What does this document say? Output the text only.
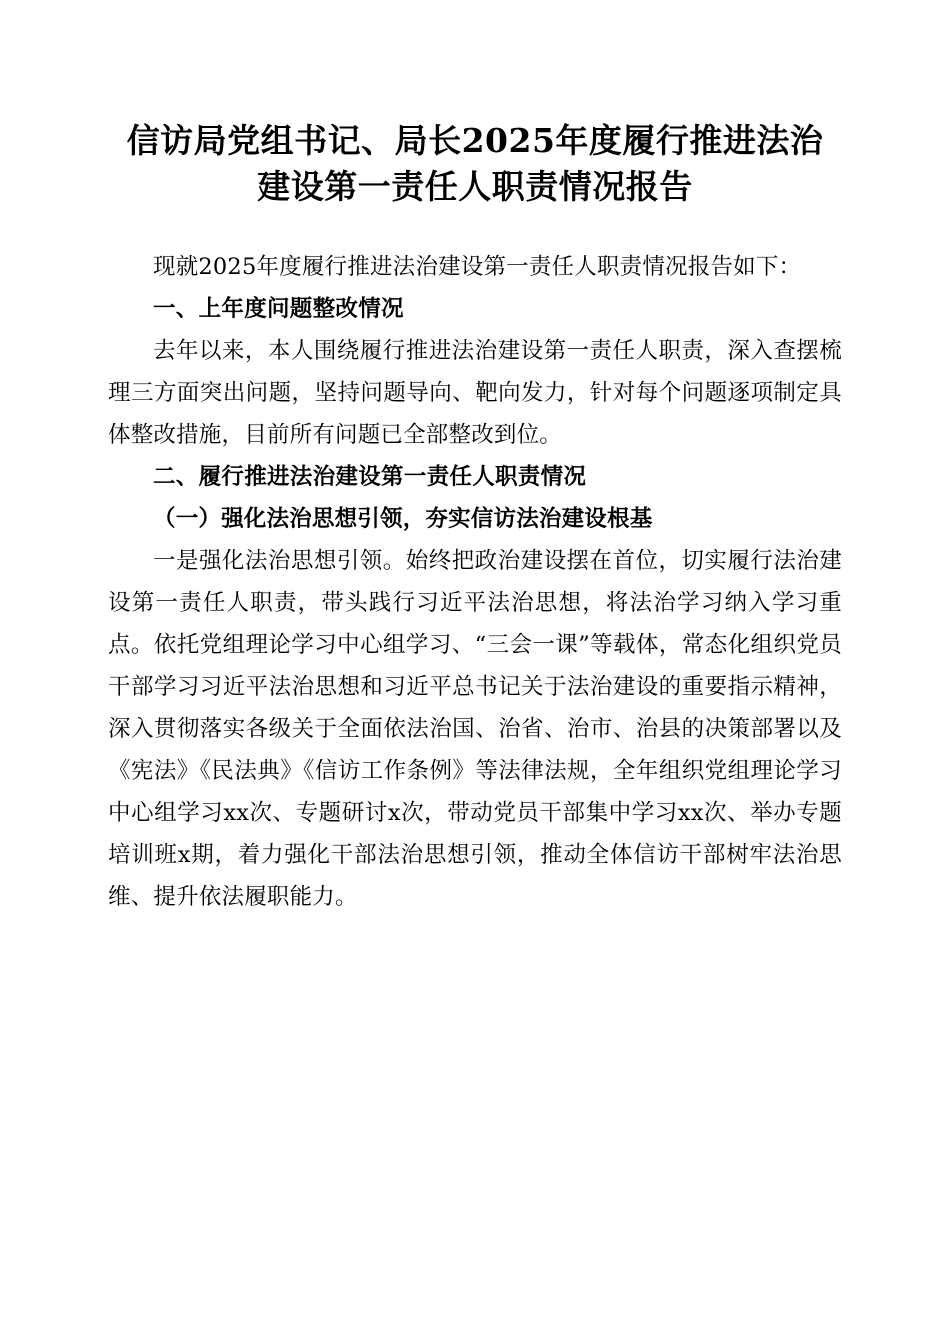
信访局党组书记、局长2025年度履行推进法治建设第一责任人职责情况报告

现就2025年度履行推进法治建设第一责任人职责情况报告如下：

一、上年度问题整改情况

去年以来，本人围绕履行推进法治建设第一责任人职责，深入查摆梳理三方面突出问题，坚持问题导向、靶向发力，针对每个问题逐项制定具体整改措施，目前所有问题已全部整改到位。

二、履行推进法治建设第一责任人职责情况

（一）强化法治思想引领，夯实信访法治建设根基

一是强化法治思想引领。始终把政治建设摆在首位，切实履行法治建设第一责任人职责，带头践行习近平法治思想，将法治学习纳入学习重点。依托党组理论学习中心组学习、“三会一课”等载体，常态化组织党员干部学习习近平法治思想和习近平总书记关于法治建设的重要指示精神，深入贯彻落实各级关于全面依法治国、治省、治市、治县的决策部署以及《宪法》《民法典》《信访工作条例》等法律法规，全年组织党组理论学习中心组学习xx次、专题研讨x次，带动党员干部集中学习xx次、举办专题培训班x期，着力强化干部法治思想引领，推动全体信访干部树牢法治思维、提升依法履职能力。
